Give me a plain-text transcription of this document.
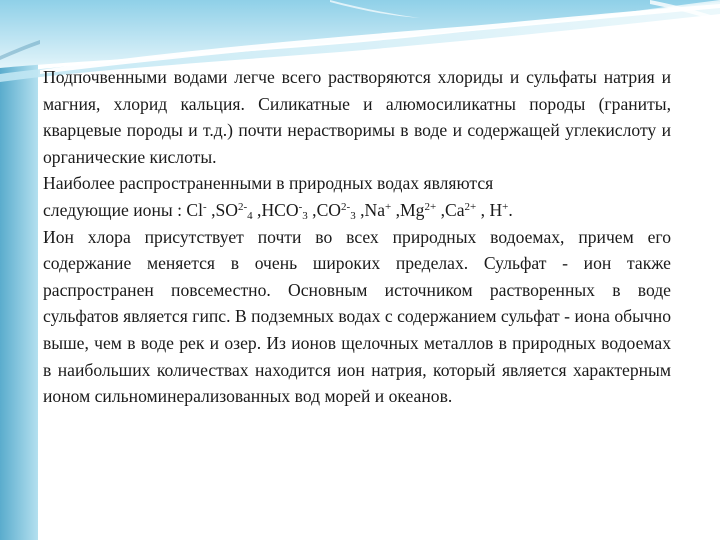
Подпочвенными водами легче всего растворяются хлориды и сульфаты натрия и магния, хлорид кальция. Силикатные и алюмосиликатны породы (граниты, кварцевые породы и т.д.) почти нерастворимы в воде и содержащей углекислоту и органические кислоты.

Наиболее распространенными в природных водах являются

следующие ионы : Cl- $,SO^{2-}_4$ $,HCO^-_3$ $,CO^{2-}_3$ ,Na+ $,Mg^{2+}$ $,Ca^{2+}$ , H+.

Ион хлора присутствует почти во всех природных водоемах, причем его содержание меняется в очень широких пределах. Сульфат - ион также распространен повсеместно. Основным источником растворенных в воде сульфатов является гипс. В подземных водах с содержанием сульфат - иона обычно выше, чем в воде рек и озер. Из ионов щелочных металлов в природных водоемах в наибольших количествах находится ион натрия, который является характерным ионом сильноминерализованных вод морей и океанов.
